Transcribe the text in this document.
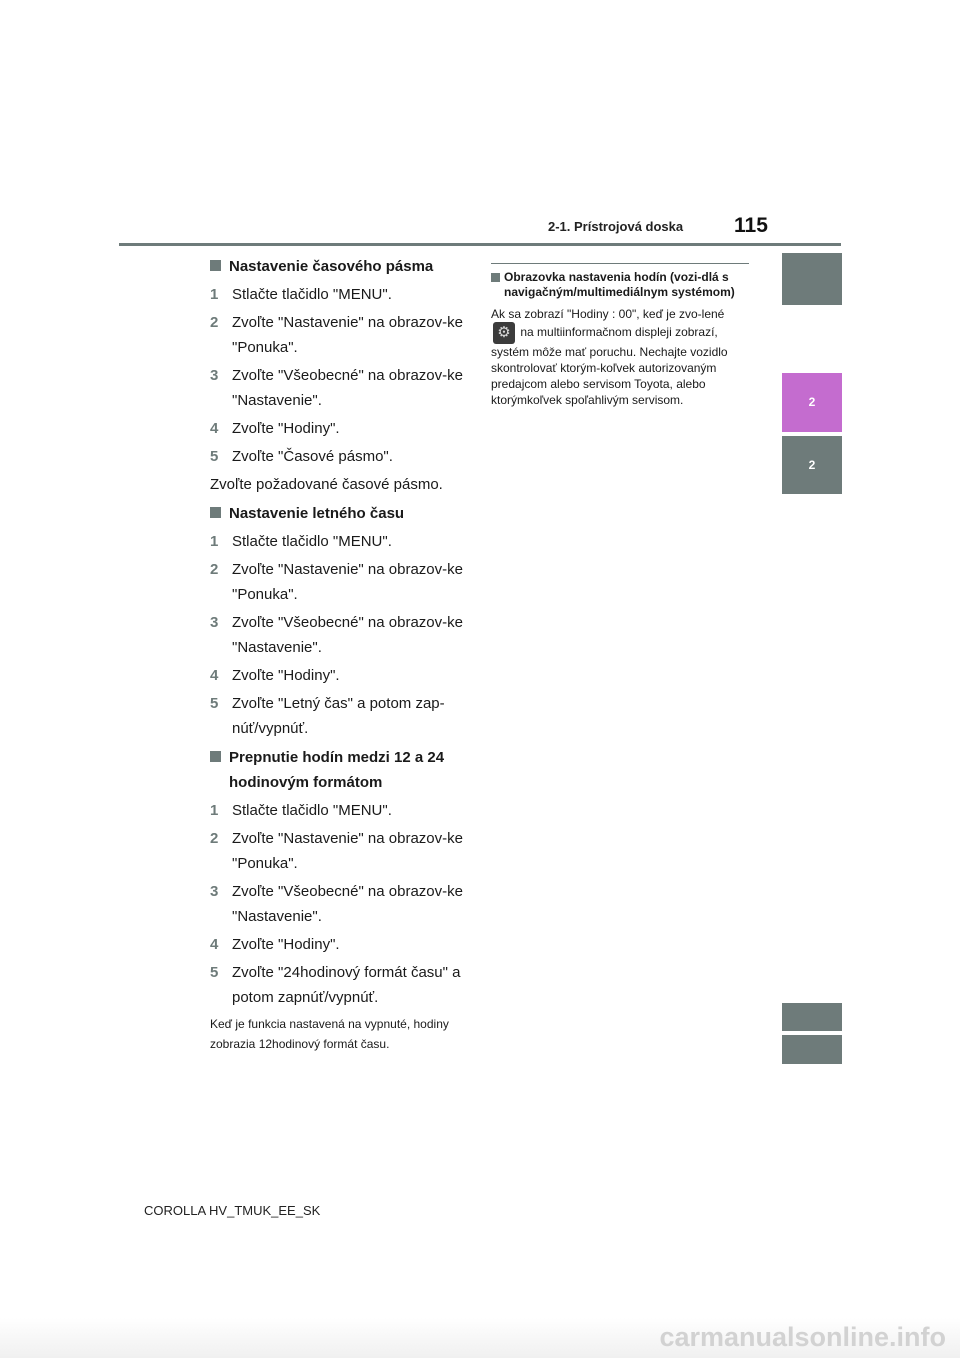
2-1. Prístrojová doska 115
2
2
Nastavenie časového pásma
1 Stlačte tlačidlo "MENU".
2 Zvoľte "Nastavenie" na obrazov-ke "Ponuka".
3 Zvoľte "Všeobecné" na obrazov-ke "Nastavenie".
4 Zvoľte "Hodiny".
5 Zvoľte "Časové pásmo".
Zvoľte požadované časové pásmo.
Nastavenie letného času
1 Stlačte tlačidlo "MENU".
2 Zvoľte "Nastavenie" na obrazov-ke "Ponuka".
3 Zvoľte "Všeobecné" na obrazov-ke "Nastavenie".
4 Zvoľte "Hodiny".
5 Zvoľte "Letný čas" a potom zap-núť/vypnúť.
Prepnutie hodín medzi 12 a 24 hodinovým formátom
1 Stlačte tlačidlo "MENU".
2 Zvoľte "Nastavenie" na obrazov-ke "Ponuka".
3 Zvoľte "Všeobecné" na obrazov-ke "Nastavenie".
4 Zvoľte "Hodiny".
5 Zvoľte "24hodinový formát času" a potom zapnúť/vypnúť.
Keď je funkcia nastavená na vypnuté, hodiny zobrazia 12hodinový formát času.
Obrazovka nastavenia hodín (vozi-dlá s navigačným/multimediálnym systémom)
Ak sa zobrazí "Hodiny : 00", keď je zvo-lené ⚙ na multiinformačnom displeji zobrazí, systém môže mať poruchu. Nechajte vozidlo skontrolovať ktorým-koľvek autorizovaným predajcom alebo servisom Toyota, alebo ktorýmkoľvek spoľahlivým servisom.
COROLLA HV_TMUK_EE_SK
carmanualsonline.info
